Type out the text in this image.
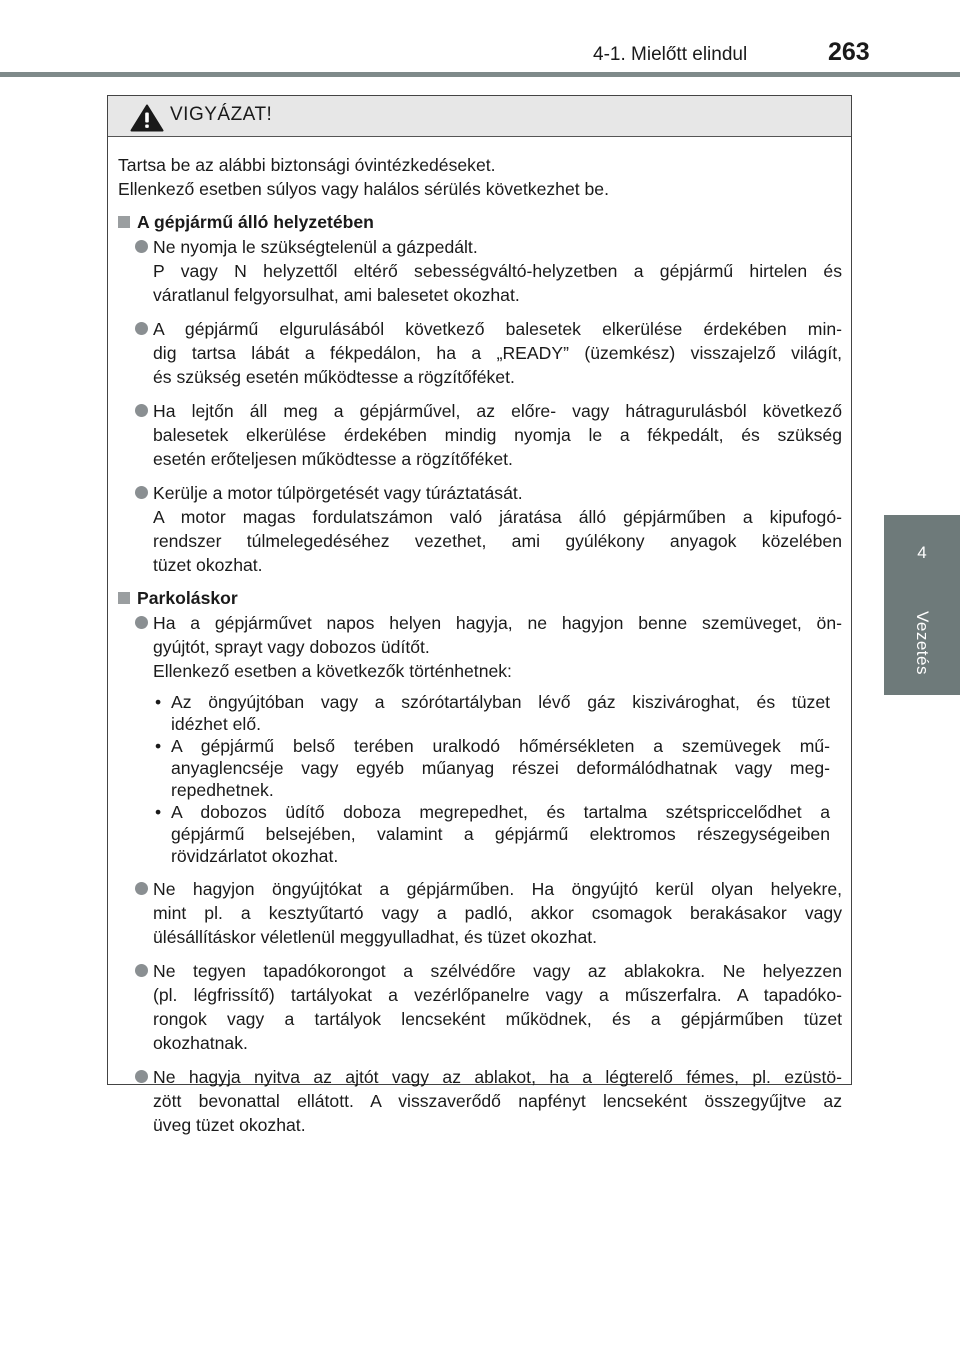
4-1. Mielőtt elindul	263
4
Vezetés
VIGYÁZAT!
Tartsa be az alábbi biztonsági óvintézkedéseket.
Ellenkező esetben súlyos vagy halálos sérülés következhet be.
A gépjármű álló helyzetében
Ne nyomja le szükségtelenül a gázpedált.
P vagy N helyzettől eltérő sebességváltó-helyzetben a gépjármű hirtelen és
váratlanul felgyorsulhat, ami balesetet okozhat.
A gépjármű elgurulásából következő balesetek elkerülése érdekében min-
dig tartsa lábát a fékpedálon, ha a „READY” (üzemkész) visszajelző világít,
és szükség esetén működtesse a rögzítőféket.
Ha lejtőn áll meg a gépjárművel, az előre- vagy hátragurulásból következő
balesetek elkerülése érdekében mindig nyomja le a fékpedált, és szükség
esetén erőteljesen működtesse a rögzítőféket.
Kerülje a motor túlpörgetését vagy túráztatását.
A motor magas fordulatszámon való járatása álló gépjárműben a kipufogó-
rendszer túlmelegedéséhez vezethet, ami gyúlékony anyagok közelében
tüzet okozhat.
Parkoláskor
Ha a gépjárművet napos helyen hagyja, ne hagyjon benne szemüveget, ön-
gyújtót, sprayt vagy dobozos üdítőt.
Ellenkező esetben a következők történhetnek:
• Az öngyújtóban vagy a szórótartályban lévő gáz kiszivároghat, és tüzet
idézhet elő.
• A gépjármű belső terében uralkodó hőmérsékleten a szemüvegek mű-
anyaglencséje vagy egyéb műanyag részei deformálódhatnak vagy meg-
repedhetnek.
• A dobozos üdítő doboza megrepedhet, és tartalma szétspriccelődhet a
gépjármű belsejében, valamint a gépjármű elektromos részegységeiben
rövidzárlatot okozhat.
Ne hagyjon öngyújtókat a gépjárműben. Ha öngyújtó kerül olyan helyekre,
mint pl. a kesztyűtartó vagy a padló, akkor csomagok berakásakor vagy
ülésállításkor véletlenül meggyulladhat, és tüzet okozhat.
Ne tegyen tapadókorongot a szélvédőre vagy az ablakokra. Ne helyezzen
(pl. légfrissítő) tartályokat a vezérlőpanelre vagy a műszerfalra. A tapadóko-
rongok vagy a tartályok lencseként működnek, és a gépjárműben tüzet
okozhatnak.
Ne hagyja nyitva az ajtót vagy az ablakot, ha a légterelő fémes, pl. ezüstö-
zött bevonattal ellátott. A visszaverődő napfényt lencseként összegyűjtve az
üveg tüzet okozhat.
